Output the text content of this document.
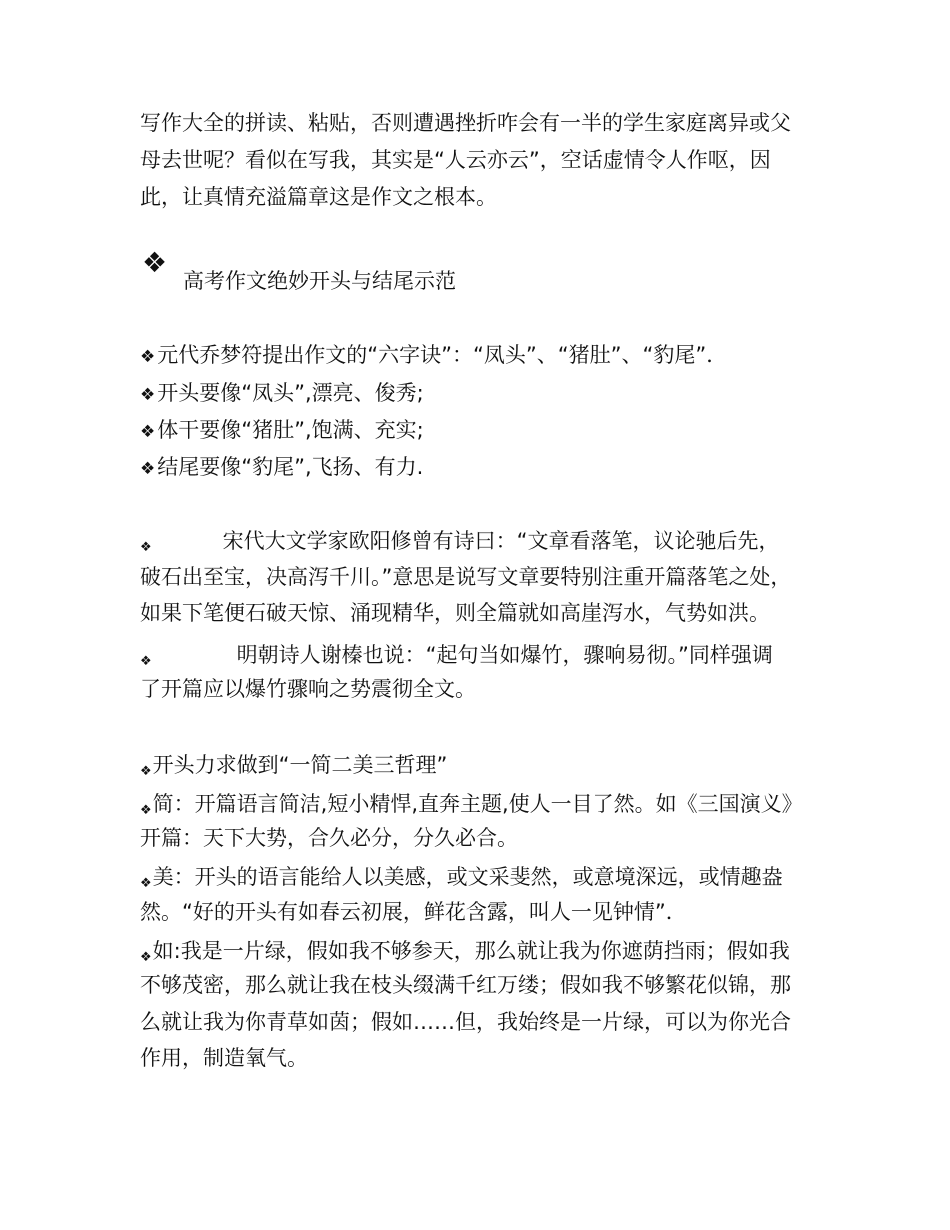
写作大全的拼读、粘贴，否则遭遇挫折咋会有一半的学生家庭离异或父
母去世呢？看似在写我，其实是“人云亦云”，空话虚情令人作呕，因
此，让真情充溢篇章这是作文之根本。
❖
高考作文绝妙开头与结尾示范
❖元代乔梦符提出作文的“六字诀”：“凤头”、“猪肚”、“豹尾”．
❖开头要像“凤头”,漂亮、俊秀;
❖体干要像“猪肚”,饱满、充实;
❖结尾要像“豹尾”,飞扬、有力.
❖	宋代大文学家欧阳修曾有诗曰：“文章看落笔，议论驰后先，
破石出至宝，决高泻千川。”意思是说写文章要特别注重开篇落笔之处，
如果下笔便石破天惊、涌现精华，则全篇就如高崖泻水，气势如洪。
❖	明朝诗人谢榛也说：“起句当如爆竹，骤响易彻。”同样强调
了开篇应以爆竹骤响之势震彻全文。
❖开头力求做到“一简二美三哲理”
❖简：开篇语言简洁,短小精悍,直奔主题,使人一目了然。如《三国演义》
开篇：天下大势，合久必分，分久必合。
❖美：开头的语言能给人以美感，或文采斐然，或意境深远，或情趣盎
然。“好的开头有如春云初展，鲜花含露，叫人一见钟情”．
❖如:我是一片绿，假如我不够参天，那么就让我为你遮荫挡雨；假如我
不够茂密，那么就让我在枝头缀满千红万缕；假如我不够繁花似锦，那
么就让我为你青草如茵；假如……但，我始终是一片绿，可以为你光合
作用，制造氧气。
